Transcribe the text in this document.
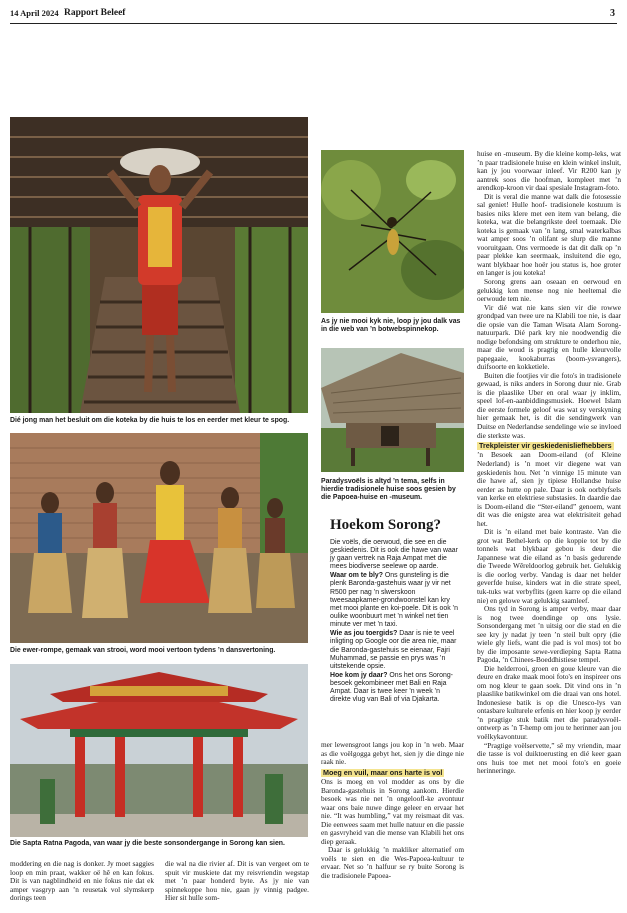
14 April 2024 Rapport Beleef	3
Dié jong man het besluit om die koteka by die huis te los en eerder met kleur te spog.
Die ewer-rompe, gemaak van strooi, word mooi vertoon tydens ’n dansvertoning.
Die Sapta Ratna Pagoda, van waar jy die beste sonsondergange in Sorong kan sien.

moddering en die nag is donker. Jy moet saggies loop en min praat, wakker oë hê en kan fokus. Dit is van nagblindheid en nie fokus nie dat ek amper vasgryp aan ’n reusetak vol slymskerp dorings teen

die wal na die rivier af. Dit is van vergeet om te spuit vir muskiete dat my reisvriendin wegstap met ’n paar honderd byte. As jy nie van spinnekoppe hou nie, gaan jy vinnig padgee. Hier sit hulle som-

As jy nie mooi kyk nie, loop jy jou dalk vas in die web van ’n botwebspinnekop.
Paradysvoëls is altyd ’n tema, selfs in hierdie tradisionele huise soos gesien by die Papoea-huise en -museum.
Hoekom Sorong?

Die voëls, die oerwoud, die see en die geskiedenis. Dit is ook die hawe van waar jy gaan vertrek na Raja Ampat met die mees biodiverse seelewe op aarde.

Waar om te bly? Ons gunsteling is die plenk Baronda-gastehuis waar jy vir net R500 per nag ’n slwerskoon tweesaapkamer-grondwoonstel kan kry met mooi plante en koi-poele. Dit is ook ’n oulike woonbuurt met ’n winkel net tien minute ver met ’n taxi.

Wie as jou toergids? Daar is nie te veel inligting op Google oor die area nie, maar die Baronda-gastehuis se eienaar, Fajri Muhammad, se passie en prys was ’n uitstekende opsie.

Hoe kom jy daar? Ons het ons Sorong-besoek gekombineer met Bali en Raja Ampat. Daar is twee keer ’n week ’n direkte vlug van Bali of via Djakarta.

mer lewensgroot langs jou kop in ’n web. Maar as die voëlgogga gebyt het, sien jy die dinge nie raak nie.

Moeg en vuil, maar ons harte is vol

Ons is moeg en vol modder as ons by die Baronda-gastehuis in Sorong aankom. Hierdie besoek was nie net ’n ongeloofl-ke avontuur waar ons baie nuwe dinge geleer en ervaar het nie. “It was humbling,” vat my reismaat dit vas. Die eenwees saam met hulle natuur en die passie en gasvryheid van die mense van Klabili het ons diep geraak.

Daar is gelukkig ’n makliker alternatief om voëls te sien en die Wes-Papoea-kultuur te ervaar. Net so ’n halfuur se ry buite Sorong is die tradisionele Papoea-

huise en -museum. By die kleine komp-leks, wat ’n paar tradisionele huise en klein winkel insluit, kan jy jou voorwaar inleef. Vir R200 kan jy aantrek soos die hoofman, kompleet met ’n arendkop-kroon vir daai spesiale Instagram-foto.

Dit is veral die manne wat dalk die fotosessie sal geniet! Hulle hoof- tradisionele kostuum is basies niks klere met een item van belang, die koteka, wat die belangrikste deel toemaak. Die koteka is gemaak van ’n lang, smal waterkalbas wat amper soos ’n olifant se slurp die manne vooruitgaan. Ons vermoede is dat dit dalk op ’n paar plekke kan seermaak, insluitend die ego, want blykbaar hoe hoër jou status is, hoe groter en langer is jou koteka!

Sorong grens aan oseaan en oerwoud en gelukkig kon mense nog nie heeltemal die oerwoude tem nie.

Vir dié wat nie kans sien vir die rowwe grondpad van twee ure na Klabili toe nie, is daar die opsie van die Taman Wisata Alam Sorong-natuurpark. Dié park kry nie noodwendig die nodige befondsing om strukture te onderhou nie, maar die woud is pragtig en hulle kleurvolle papegaaie, kookaburras (boom-ysvangers), duifsoorte en kokketiele.

Buiten die footjies vir die foto's in tradisionele gewaad, is niks anders in Sorong duur nie. Grab is die plaaslike Uber en oral waar jy inklim, speel lof-en-aanbiddingsmusiek. Hoewel Islam die eerste formele geloof was wat sy verskyning hier gemaak het, is dit die sendingwerk van Duitse en Nederlandse sendelinge wie se invloed die sterkste was.

Trekpleister vir geskiedenisliefhebbers

’n Besoek aan Doom-eiland (of Kleine Nederland) is ’n moet vir diegene wat van geskiedenis hou. Net ’n vinnige 15 minute van die hawe af, sien jy tipiese Hollandse huise eerder as hutte op pale. Daar is ook oorblyfsels van kerke en elektriese substasies. In daardie dae is Doom-eiland die “Ster-eiland” genoem, want dit was die enigste area wat elektrisiteit gehad het.

Dit is ’n eiland met baie kontraste. Van die grot wat Bethel-kerk op die koppie tot by die tonnels wat blykbaar gebou is deur die Japannese wat die eiland as ’n basis gedurende die Tweede Wêreldoorlog gebruik het. Gelukkig is die oorlog verby. Vandag is daar net helder geverfde huise, kinders wat in die strate speel, tuk-tuks wat verbyflits (geen karre op die eiland nie) en gelowe wat gelukkig saamleef.

Ons tyd in Sorong is amper verby, maar daar is nog twee doendinge op ons lysie. Sonsondergang met ’n uitsig oor die stad en die see kry jy nadat jy teen ’n steil bult opry (die wiele gly liefs, want die pad is vol mos) tot bo by die imposante sewe-verdieping Sapta Ratna Pagoda, ’n Chinees-Boeddhistiese tempel.

Die helderrooi, groen en goue kleure van die deure en drake maak mooi foto's en inspireer ons om nog kleur te gaan soek. Dit vind ons in ’n plaaslike batikwinkel om die draai van ons hotel. Indonesiese batik is op die Unesco-lys van ontasbare kulturele erfenis en hier koop jy eerder ’n pragtige stuk batik met die paradysvoël-ontwerp as ’n T-hemp om jou te herinner aan jou voëlkykavontuur.

“Pragtige voëlservette,” sê my vriendin, maar die tasse is vol duiktoerusting en dié keer gaan ons huis toe met net mooi foto's en goeie herinneringe.
